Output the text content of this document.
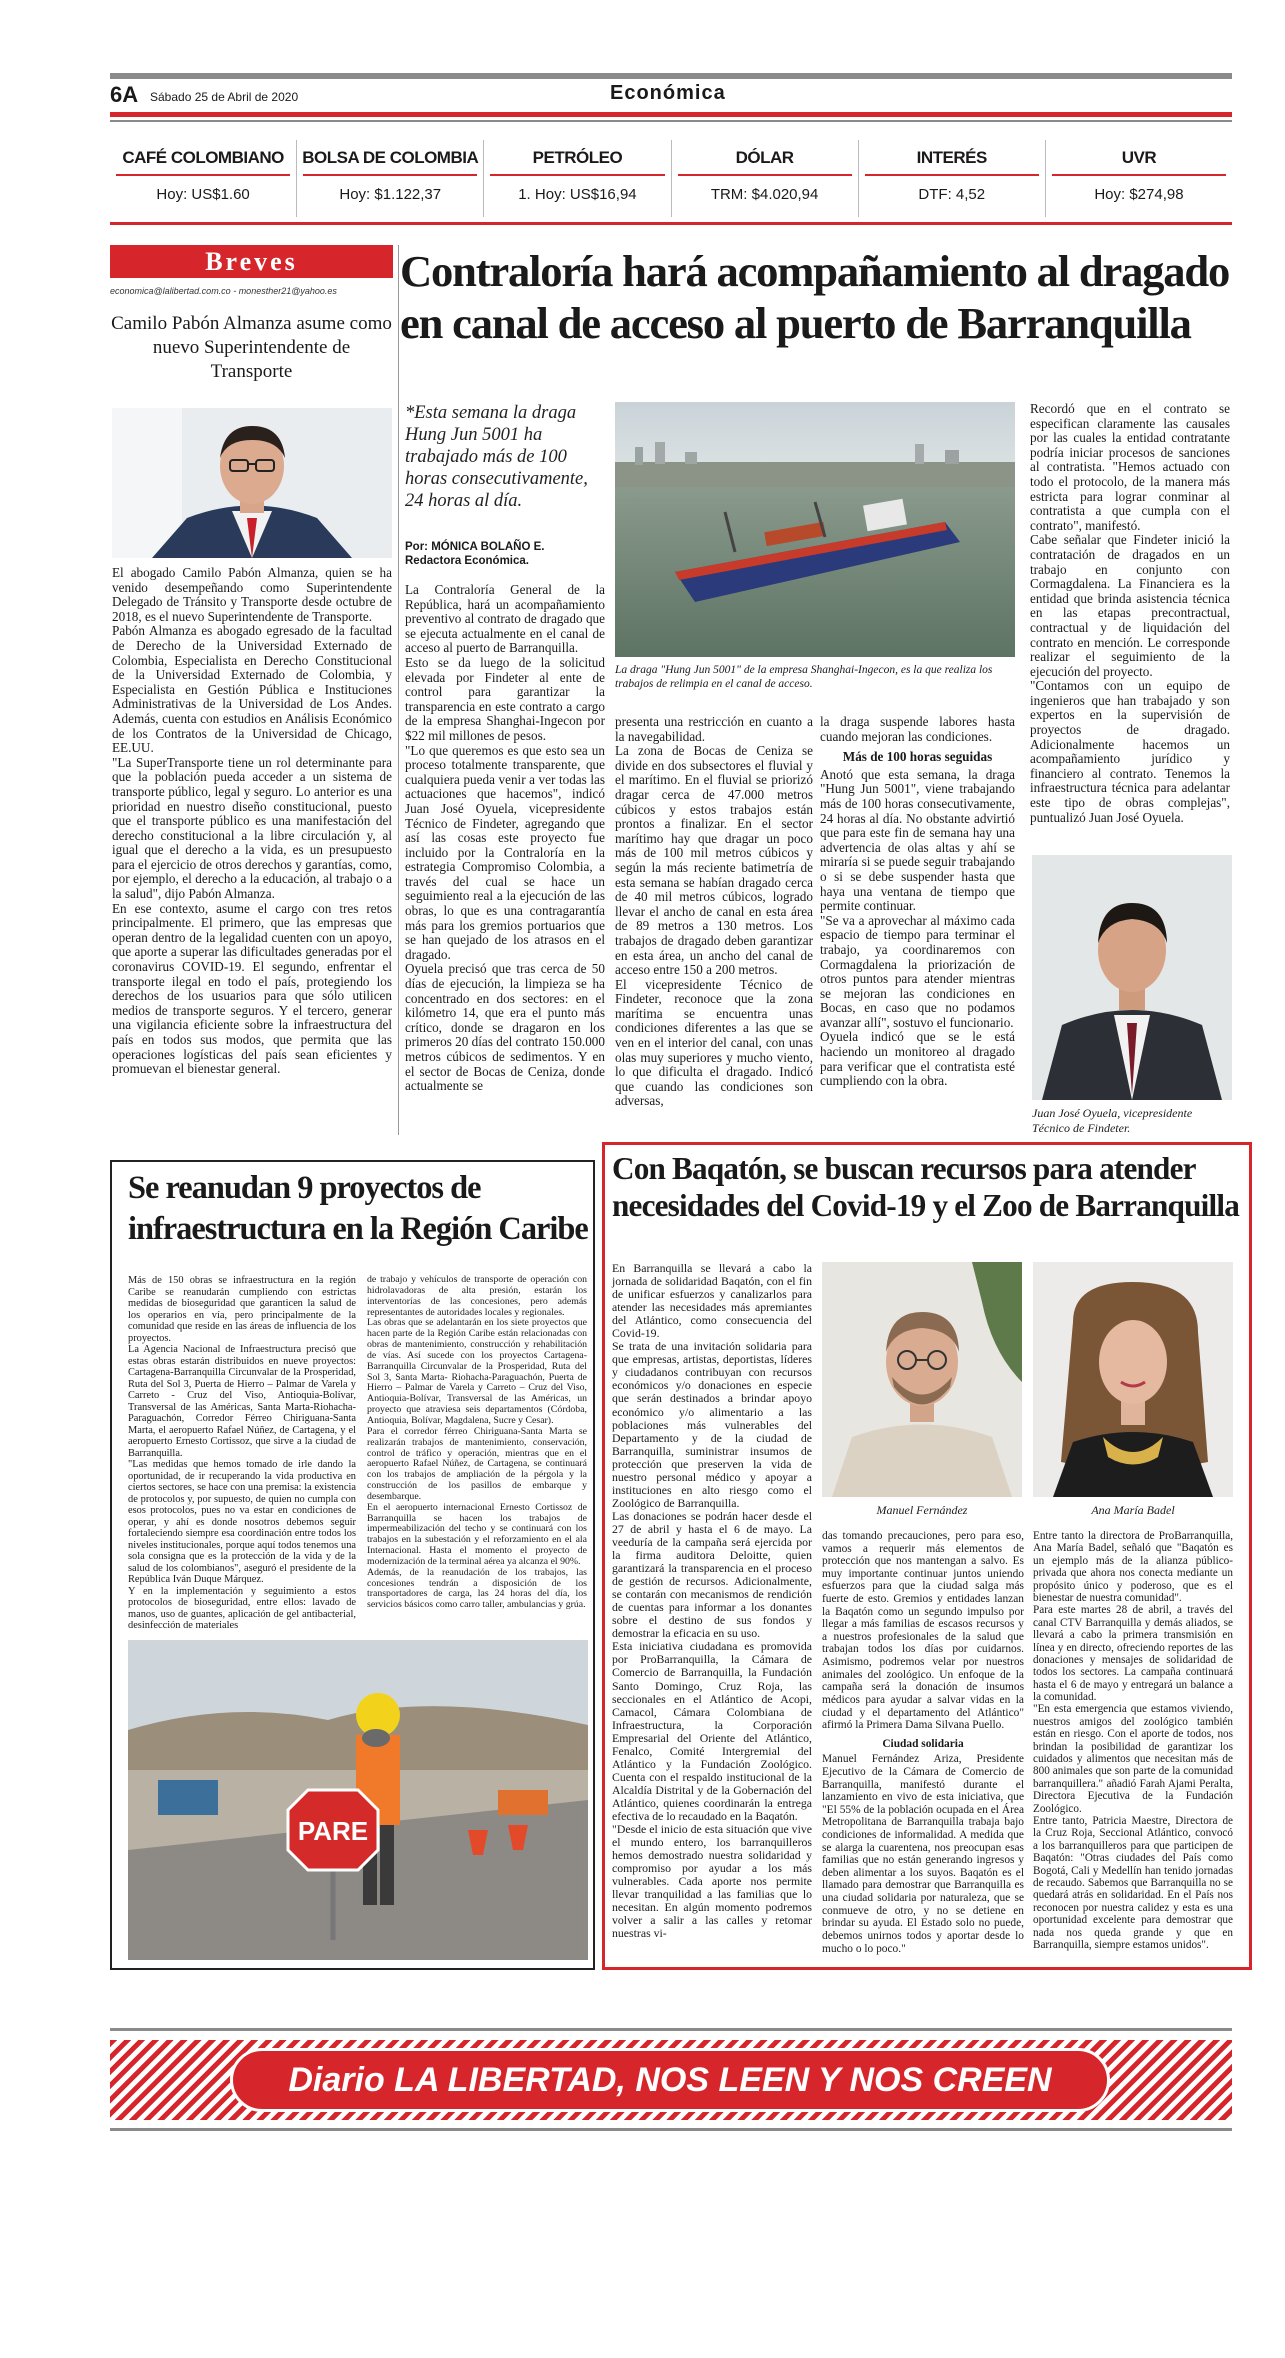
6A Sábado 25 de Abril de 2020	Económica
CAFÉ COLOMBIANO
Hoy: US$1.60
BOLSA DE COLOMBIA
Hoy: $1.122,37
PETRÓLEO
1. Hoy: US$16,94
DÓLAR
TRM: $4.020,94
INTERÉS
DTF: 4,52
UVR
Hoy: $274,98
Breves
economica@lalibertad.com.co - monesther21@yahoo.es
Camilo Pabón Almanza asume como nuevo Superintendente de Transporte
El abogado Camilo Pabón Almanza, quien se ha venido desempeñando como Superintendente Delegado de Tránsito y Transporte desde octubre de 2018, es el nuevo Superintendente de Transporte.
Pabón Almanza es abogado egresado de la facultad de Derecho de la Universidad Externado de Colombia, Especialista en Derecho Constitucional de la Universidad Externado de Colombia, y Especialista en Gestión Pública e Instituciones Administrativas de la Universidad de Los Andes. Además, cuenta con estudios en Análisis Económico de los Contratos de la Universidad de Chicago, EE.UU.
"La SuperTransporte tiene un rol determinante para que la población pueda acceder a un sistema de transporte público, legal y seguro. Lo anterior es una prioridad en nuestro diseño constitucional, puesto que el transporte público es una manifestación del derecho constitucional a la libre circulación y, al igual que el derecho a la vida, es un presupuesto para el ejercicio de otros derechos y garantías, como, por ejemplo, el derecho a la educación, al trabajo o a la salud", dijo Pabón Almanza.
En ese contexto, asume el cargo con tres retos principalmente. El primero, que las empresas que operan dentro de la legalidad cuenten con un apoyo, que aporte a superar las dificultades generadas por el coronavirus COVID-19. El segundo, enfrentar el transporte ilegal en todo el país, protegiendo los derechos de los usuarios para que sólo utilicen medios de transporte seguros. Y el tercero, generar una vigilancia eficiente sobre la infraestructura del país en todos sus modos, que permita que las operaciones logísticas del país sean eficientes y promuevan el bienestar general.
Contraloría hará acompañamiento al dragado en canal de acceso al puerto de Barranquilla
*Esta semana la draga Hung Jun 5001 ha trabajado más de 100 horas consecutivamente, 24 horas al día.
Por: MÓNICA BOLAÑO E.
Redactora Económica.
La Contraloría General de la República, hará un acompañamiento preventivo al contrato de dragado que se ejecuta actualmente en el canal de acceso al puerto de Barranquilla.
Esto se da luego de la solicitud elevada por Findeter al ente de control para garantizar la transparencia en este contrato a cargo de la empresa Shanghai-Ingecon por $22 mil millones de pesos.
"Lo que queremos es que esto sea un proceso totalmente transparente, que cualquiera pueda venir a ver todas las actuaciones que hacemos", indicó Juan José Oyuela, vicepresidente Técnico de Findeter, agregando que así las cosas este proyecto fue incluido por la Contraloría en la estrategia Compromiso Colombia, a través del cual se hace un seguimiento real a la ejecución de las obras, lo que es una contragarantía más para los gremios portuarios que se han quejado de los atrasos en el dragado.
Oyuela precisó que tras cerca de 50 días de ejecución, la limpieza se ha concentrado en dos sectores: en el kilómetro 14, que era el punto más crítico, donde se dragaron en los primeros 20 días del contrato 150.000 metros cúbicos de sedimentos. Y en el sector de Bocas de Ceniza, donde actualmente se
La draga "Hung Jun 5001" de la empresa Shanghai-Ingecon, es la que realiza los trabajos de relimpia en el canal de acceso.
presenta una restricción en cuanto a la navegabilidad.
La zona de Bocas de Ceniza se divide en dos subsectores el fluvial y el marítimo. En el fluvial se priorizó dragar cerca de 47.000 metros cúbicos y estos trabajos están prontos a finalizar. En el sector marítimo hay que dragar un poco más de 100 mil metros cúbicos y según la más reciente batimetría de esta semana se habían dragado cerca de 40 mil metros cúbicos, logrado llevar el ancho de canal en esta área de 89 metros a 130 metros. Los trabajos de dragado deben garantizar en esta área, un ancho del canal de acceso entre 150 a 200 metros.
El vicepresidente Técnico de Findeter, reconoce que la zona marítima se encuentra unas condiciones diferentes a las que se ven en el interior del canal, con unas olas muy superiores y mucho viento, lo que dificulta el dragado. Indicó que cuando las condiciones son adversas,
la draga suspende labores hasta cuando mejoran las condiciones.
Más de 100 horas seguidas
Anotó que esta semana, la draga "Hung Jun 5001", viene trabajando más de 100 horas consecutivamente, 24 horas al día. No obstante advirtió que para este fin de semana hay una advertencia de olas altas y ahí se miraría si se puede seguir trabajando o si se debe suspender hasta que haya una ventana de tiempo que permite continuar.
"Se va a aprovechar al máximo cada espacio de tiempo para terminar el trabajo, ya coordinaremos con Cormagdalena la priorización de otros puntos para atender mientras se mejoran las condiciones en Bocas, en caso que no podamos avanzar allí", sostuvo el funcionario.
Oyuela indicó que se le está haciendo un monitoreo al dragado para verificar que el contratista esté cumpliendo con la obra.
Recordó que en el contrato se especifican claramente las causales por las cuales la entidad contratante podría iniciar procesos de sanciones al contratista. "Hemos actuado con todo el protocolo, de la manera más estricta para lograr conminar al contratista a que cumpla con el contrato", manifestó.
Cabe señalar que Findeter inició la contratación de dragados en un trabajo en conjunto con Cormagdalena. La Financiera es la entidad que brinda asistencia técnica en las etapas precontractual, contractual y de liquidación del contrato en mención. Le corresponde realizar el seguimiento de la ejecución del proyecto.
"Contamos con un equipo de ingenieros que han trabajado y son expertos en la supervisión de proyectos de dragado. Adicionalmente hacemos un acompañamiento jurídico y financiero al contrato. Tenemos la infraestructura técnica para adelantar este tipo de obras complejas", puntualizó Juan José Oyuela.
Juan José Oyuela, vicepresidente Técnico de Findeter.
Se reanudan 9 proyectos de infraestructura en la Región Caribe
Más de 150 obras se infraestructura en la región Caribe se reanudarán cumpliendo con estrictas medidas de bioseguridad que garanticen la salud de los operarios en vía, pero principalmente de la comunidad que reside en las áreas de influencia de los proyectos.
La Agencia Nacional de Infraestructura precisó que estas obras estarán distribuidos en nueve proyectos: Cartagena-Barranquilla Circunvalar de la Prosperidad, Ruta del Sol 3, Puerta de Hierro – Palmar de Varela y Carreto - Cruz del Viso, Antioquia-Bolívar, Transversal de las Américas, Santa Marta-Riohacha-Paraguachón, Corredor Férreo Chiriguana-Santa Marta, el aeropuerto Rafael Núñez, de Cartagena, y el aeropuerto Ernesto Cortissoz, que sirve a la ciudad de Barranquilla.
"Las medidas que hemos tomado de irle dando la oportunidad, de ir recuperando la vida productiva en ciertos sectores, se hace con una premisa: la existencia de protocolos y, por supuesto, de quien no cumpla con esos protocolos, pues no va estar en condiciones de operar, y ahí es donde nosotros debemos seguir fortaleciendo siempre esa coordinación entre todos los niveles institucionales, porque aquí todos tenemos una sola consigna que es la protección de la vida y de la salud de los colombianos", aseguró el presidente de la República Iván Duque Márquez.
Y en la implementación y seguimiento a estos protocolos de bioseguridad, entre ellos: lavado de manos, uso de guantes, aplicación de gel antibacterial, desinfección de materiales
de trabajo y vehículos de transporte de operación con hidrolavadoras de alta presión, estarán los interventorías de las concesiones, pero además representantes de autoridades locales y regionales.
Las obras que se adelantarán en los siete proyectos que hacen parte de la Región Caribe están relacionadas con obras de mantenimiento, construcción y rehabilitación de vías. Así sucede con los proyectos Cartagena-Barranquilla Circunvalar de la Prosperidad, Ruta del Sol 3, Santa Marta- Riohacha-Paraguachón, Puerta de Hierro – Palmar de Varela y Carreto – Cruz del Viso, Antioquia-Bolívar, Transversal de las Américas, un proyecto que atraviesa seis departamentos (Córdoba, Antioquia, Bolívar, Magdalena, Sucre y Cesar).
Para el corredor férreo Chiriguana-Santa Marta se realizarán trabajos de mantenimiento, conservación, control de tráfico y operación, mientras que en el aeropuerto Rafael Núñez, de Cartagena, se continuará con los trabajos de ampliación de la pérgola y la construcción de los pasillos de embarque y desembarque.
En el aeropuerto internacional Ernesto Cortissoz de Barranquilla se hacen los trabajos de impermeabilización del techo y se continuará con los trabajos en la subestación y el reforzamiento en el ala Internacional. Hasta el momento el proyecto de modernización de la terminal aérea ya alcanza el 90%.
Además, de la reanudación de los trabajos, las concesiones tendrán a disposición de los transportadores de carga, las 24 horas del día, los servicios básicos como carro taller, ambulancias y grúa.
PARE
Con Baqatón, se buscan recursos para atender necesidades del Covid-19 y el Zoo de Barranquilla
En Barranquilla se llevará a cabo la jornada de solidaridad Baqatón, con el fin de unificar esfuerzos y canalizarlos para atender las necesidades más apremiantes del Atlántico, como consecuencia del Covid-19.
Se trata de una invitación solidaria para que empresas, artistas, deportistas, líderes y ciudadanos contribuyan con recursos económicos y/o donaciones en especie que serán destinados a brindar apoyo económico y/o alimentario a las poblaciones más vulnerables del Departamento y de la ciudad de Barranquilla, suministrar insumos de protección que preserven la vida de nuestro personal médico y apoyar a instituciones en alto riesgo como el Zoológico de Barranquilla.
Las donaciones se podrán hacer desde el 27 de abril y hasta el 6 de mayo. La veeduría de la campaña será ejercida por la firma auditora Deloitte, quien garantizará la transparencia en el proceso de gestión de recursos. Adicionalmente, se contarán con mecanismos de rendición de cuentas para informar a los donantes sobre el destino de sus fondos y demostrar la eficacia en su uso.
Esta iniciativa ciudadana es promovida por ProBarranquilla, la Cámara de Comercio de Barranquilla, la Fundación Santo Domingo, Cruz Roja, las seccionales en el Atlántico de Acopi, Camacol, Cámara Colombiana de Infraestructura, la Corporación Empresarial del Oriente del Atlántico, Fenalco, Comité Intergremial del Atlántico y la Fundación Zoológico. Cuenta con el respaldo institucional de la Alcaldía Distrital y de la Gobernación del Atlántico, quienes coordinarán la entrega efectiva de lo recaudado en la Baqatón.
"Desde el inicio de esta situación que vive el mundo entero, los barranquilleros hemos demostrado nuestra solidaridad y compromiso por ayudar a los más vulnerables. Cada aporte nos permite llevar tranquilidad a las familias que lo necesitan. En algún momento podremos volver a salir a las calles y retomar nuestras vi-
Manuel Fernández	Ana María Badel
das tomando precauciones, pero para eso, vamos a requerir más elementos de protección que nos mantengan a salvo. Es muy importante continuar juntos uniendo esfuerzos para que la ciudad salga más fuerte de esto. Gremios y entidades lanzan la Baqatón como un segundo impulso por llegar a más familias de escasos recursos y a nuestros profesionales de la salud que trabajan todos los días por cuidarnos. Asimismo, podremos velar por nuestros animales del zoológico. Un enfoque de la campaña será la donación de insumos médicos para ayudar a salvar vidas en la ciudad y el departamento del Atlántico" afirmó la Primera Dama Silvana Puello.
Ciudad solidaria
Manuel Fernández Ariza, Presidente Ejecutivo de la Cámara de Comercio de Barranquilla, manifestó durante el lanzamiento en vivo de esta iniciativa, que "El 55% de la población ocupada en el Área Metropolitana de Barranquilla trabaja bajo condiciones de informalidad. A medida que se alarga la cuarentena, nos preocupan esas familias que no están generando ingresos y deben alimentar a los suyos. Baqatón es el llamado para demostrar que Barranquilla es una ciudad solidaria por naturaleza, que se conmueve de otro, y no se detiene en brindar su ayuda. El Estado solo no puede, debemos unirnos todos y aportar desde lo mucho o lo poco."
Entre tanto la directora de ProBarranquilla, Ana María Badel, señaló que "Baqatón es un ejemplo más de la alianza público-privada que ahora nos conecta mediante un propósito único y poderoso, que es el bienestar de nuestra comunidad".
Para este martes 28 de abril, a través del canal CTV Barranquilla y demás aliados, se llevará a cabo la primera transmisión en línea y en directo, ofreciendo reportes de las donaciones y mensajes de solidaridad de todos los sectores. La campaña continuará hasta el 6 de mayo y entregará un balance a la comunidad.
"En esta emergencia que estamos viviendo, nuestros amigos del zoológico también están en riesgo. Con el aporte de todos, nos brindan la posibilidad de garantizar los cuidados y alimentos que necesitan más de 800 animales que son parte de la comunidad barranquillera." añadió Farah Ajami Peralta, Directora Ejecutiva de la Fundación Zoológico.
Entre tanto, Patricia Maestre, Directora de la Cruz Roja, Seccional Atlántico, convocó a los barranquilleros para que participen de Baqatón: "Otras ciudades del País como Bogotá, Cali y Medellín han tenido jornadas de recaudo. Sabemos que Barranquilla no se quedará atrás en solidaridad. En el País nos reconocen por nuestra calidez y esta es una oportunidad excelente para demostrar que nada nos queda grande y que en Barranquilla, siempre estamos unidos".
Diario LA LIBERTAD, NOS LEEN Y NOS CREEN
